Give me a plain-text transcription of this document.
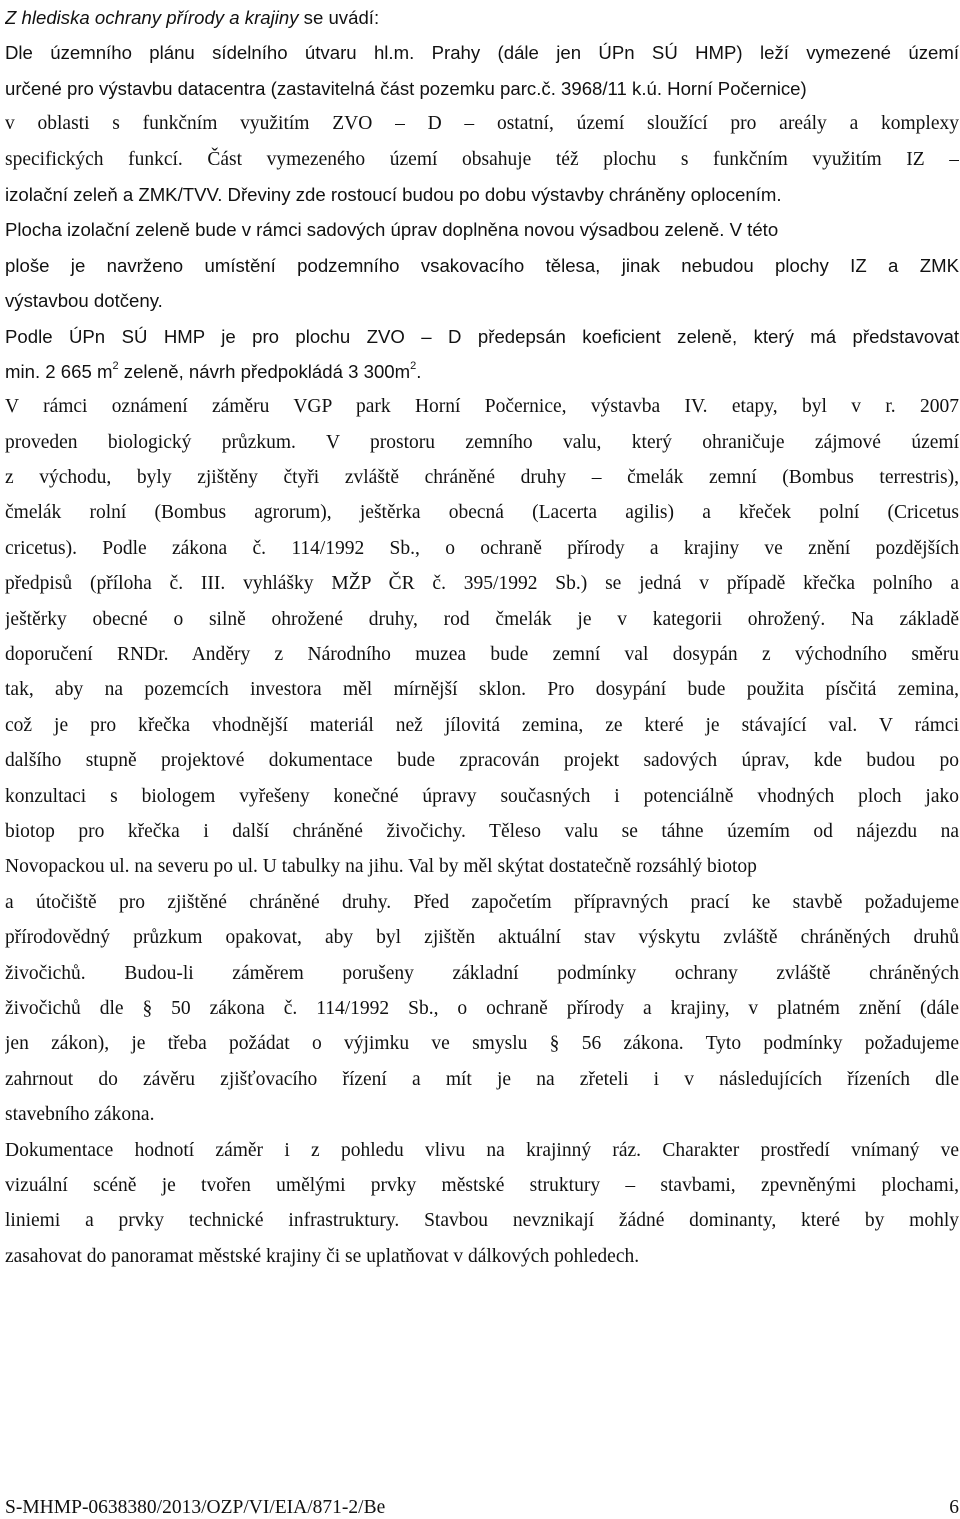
Z hlediska ochrany přírody a krajiny se uvádí:
Dle územního plánu sídelního útvaru hl.m. Prahy (dále jen ÚPn SÚ HMP) leží vymezené území
určené pro výstavbu datacentra (zastavitelná část pozemku parc.č. 3968/11 k.ú. Horní Počernice)
v oblasti s funkčním využitím ZVO – D – ostatní, území sloužící pro areály a komplexy
specifických funkcí. Část vymezeného území obsahuje též plochu s funkčním využitím IZ –
izolační zeleň a ZMK/TVV. Dřeviny zde rostoucí budou po dobu výstavby chráněny oplocením.
Plocha izolační zeleně bude v rámci sadových úprav doplněna novou výsadbou zeleně. V této
ploše je navrženo umístění podzemního vsakovacího tělesa, jinak nebudou plochy IZ a ZMK
výstavbou dotčeny.
Podle ÚPn SÚ HMP je pro plochu ZVO – D předepsán koeficient zeleně, který má představovat
min. 2 665 $m^2$ zeleně, návrh předpokládá 3 $300m^2$.
V rámci oznámení záměru VGP park Horní Počernice, výstavba IV. etapy, byl v r. 2007
proveden biologický průzkum. V prostoru zemního valu, který ohraničuje zájmové území
z východu, byly zjištěny čtyři zvláště chráněné druhy – čmelák zemní (Bombus terrestris),
čmelák rolní (Bombus agrorum), ještěrka obecná (Lacerta agilis) a křeček polní (Cricetus
cricetus). Podle zákona č. 114/1992 Sb., o ochraně přírody a krajiny ve znění pozdějších
předpisů (příloha č. III. vyhlášky MŽP ČR č. 395/1992 Sb.) se jedná v případě křečka polního a
ještěrky obecné o silně ohrožené druhy, rod čmelák je v kategorii ohrožený. Na základě
doporučení RNDr. Anděry z Národního muzea bude zemní val dosypán z východního směru
tak, aby na pozemcích investora měl mírnější sklon. Pro dosypání bude použita písčitá zemina,
což je pro křečka vhodnější materiál než jílovitá zemina, ze které je stávající val. V rámci
dalšího stupně projektové dokumentace bude zpracován projekt sadových úprav, kde budou po
konzultaci s biologem vyřešeny konečné úpravy současných i potenciálně vhodných ploch jako
biotop pro křečka i další chráněné živočichy. Těleso valu se táhne územím od nájezdu na
Novopackou ul. na severu po ul. U tabulky na jihu. Val by měl skýtat dostatečně rozsáhlý biotop
a útočiště pro zjištěné chráněné druhy. Před započetím přípravných prací ke stavbě požadujeme
přírodovědný průzkum opakovat, aby byl zjištěn aktuální stav výskytu zvláště chráněných druhů
živočichů. Budou-li záměrem porušeny základní podmínky ochrany zvláště chráněných
živočichů dle § 50 zákona č. 114/1992 Sb., o ochraně přírody a krajiny, v platném znění (dále
jen zákon), je třeba požádat o výjimku ve smyslu § 56 zákona. Tyto podmínky požadujeme
zahrnout do závěru zjišťovacího řízení a mít je na zřeteli i v následujících řízeních dle
stavebního zákona.
Dokumentace hodnotí záměr i z pohledu vlivu na krajinný ráz. Charakter prostředí vnímaný ve
vizuální scéně je tvořen umělými prvky městské struktury – stavbami, zpevněnými plochami,
liniemi a prvky technické infrastruktury. Stavbou nevznikají žádné dominanty, které by mohly
zasahovat do panoramat městské krajiny či se uplatňovat v dálkových pohledech.
S-MHMP-0638380/2013/OZP/VI/EIA/871-2/Be	6
